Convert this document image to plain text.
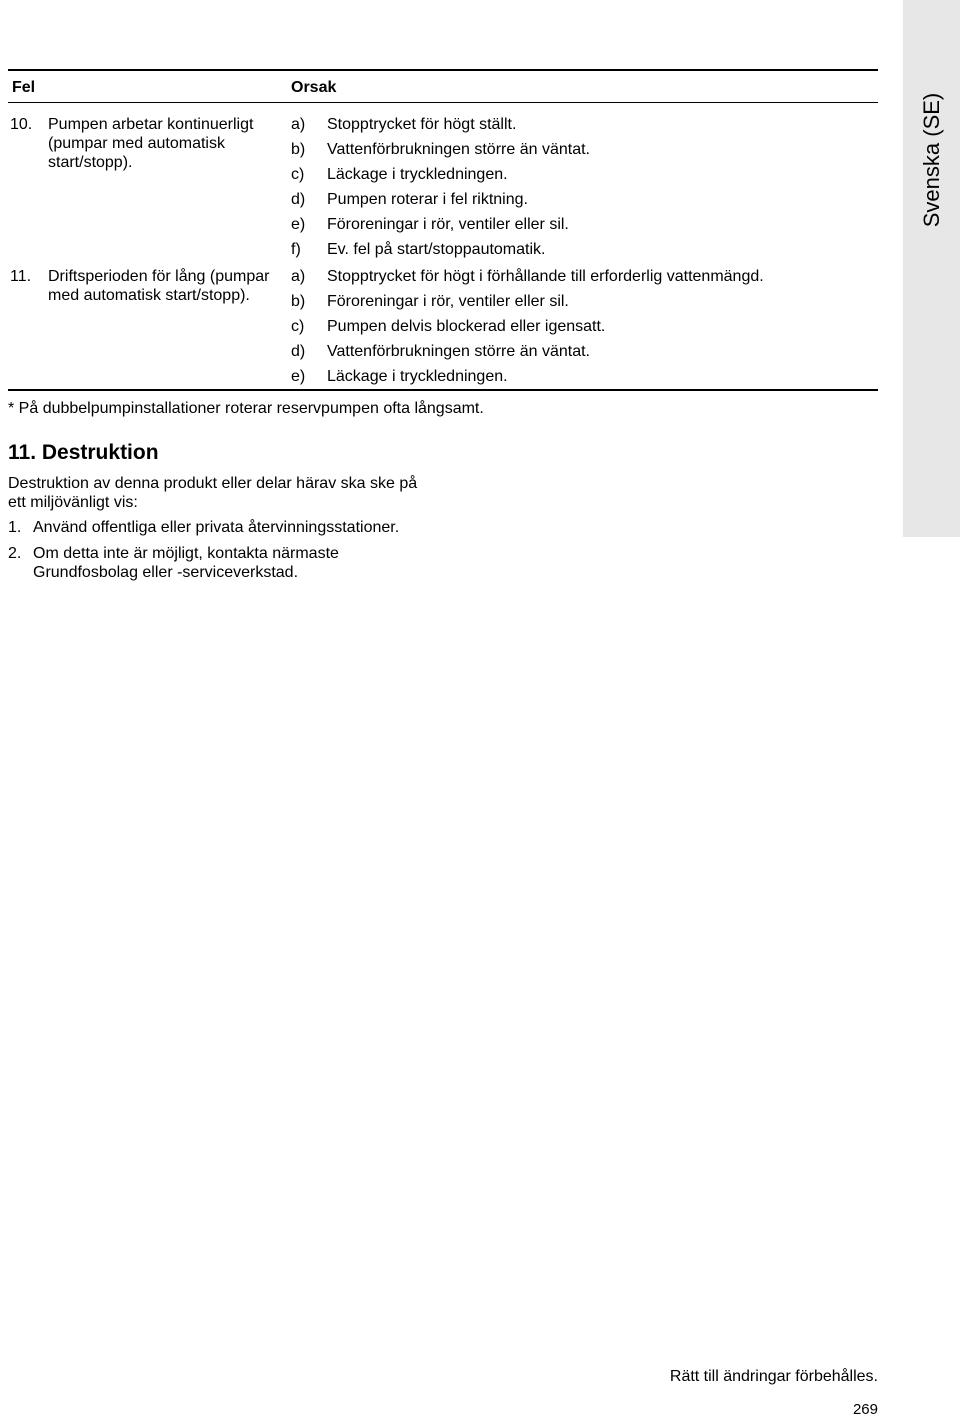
Svenska (SE)
Fel	Orsak
10. Pumpen arbetar kontinuerligt (pumpar med automatisk start/stopp).
a) Stopptrycket för högt ställt.
b) Vattenförbrukningen större än väntat.
c) Läckage i tryckledningen.
d) Pumpen roterar i fel riktning.
e) Föroreningar i rör, ventiler eller sil.
f) Ev. fel på start/stoppautomatik.
11. Driftsperioden för lång (pumpar med automatisk start/stopp).
a) Stopptrycket för högt i förhållande till erforderlig vattenmängd.
b) Föroreningar i rör, ventiler eller sil.
c) Pumpen delvis blockerad eller igensatt.
d) Vattenförbrukningen större än väntat.
e) Läckage i tryckledningen.
* På dubbelpumpinstallationer roterar reservpumpen ofta långsamt.
11. Destruktion
Destruktion av denna produkt eller delar härav ska ske på ett miljövänligt vis:
1. Använd offentliga eller privata återvinningsstationer.
2. Om detta inte är möjligt, kontakta närmaste Grundfosbolag eller -serviceverkstad.
Rätt till ändringar förbehålles.
269
